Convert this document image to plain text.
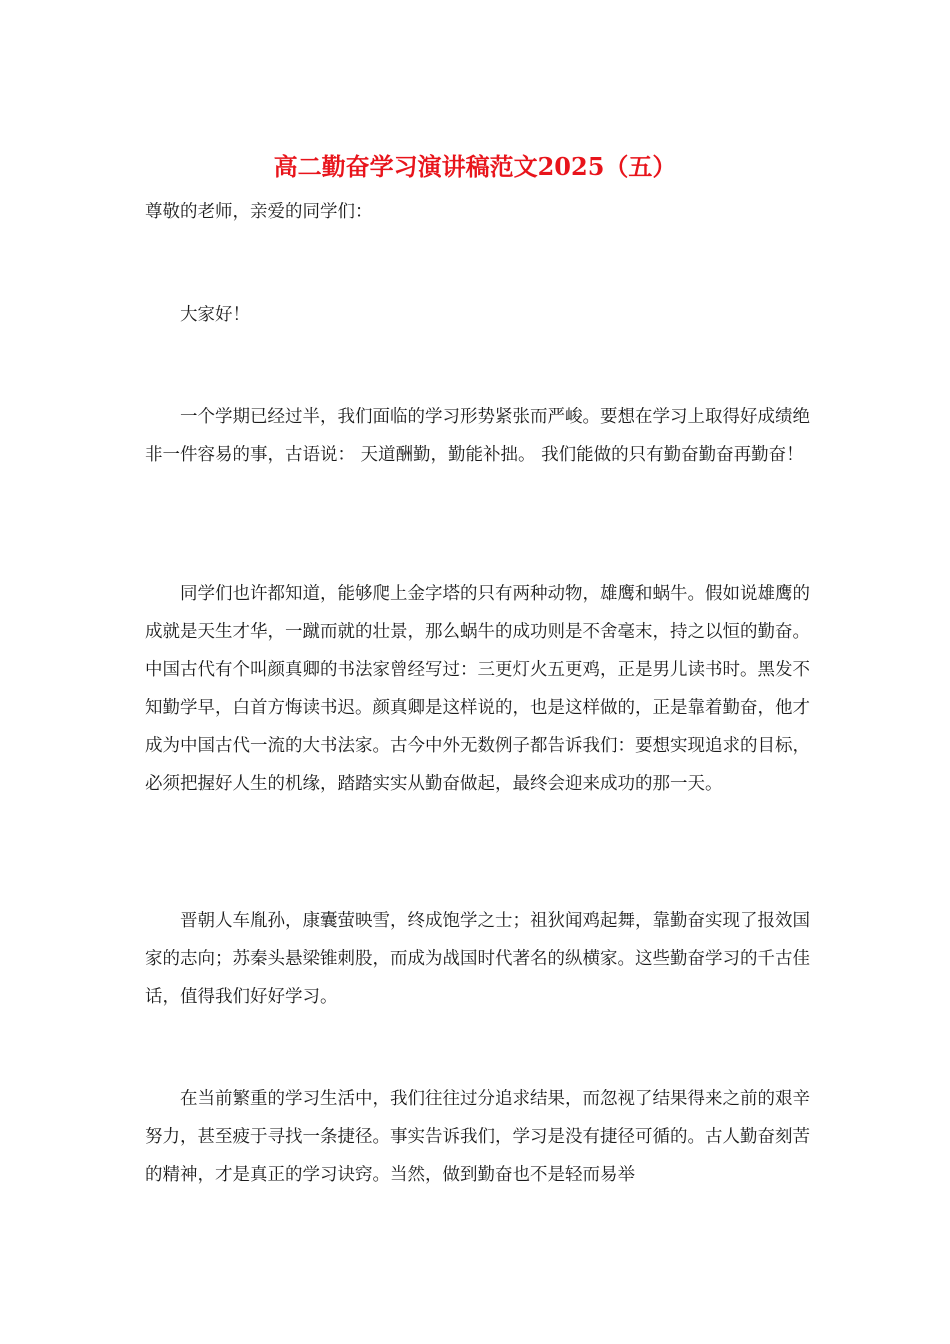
高二勤奋学习演讲稿范文2025（五）

尊敬的老师，亲爱的同学们：

大家好！

一个学期已经过半，我们面临的学习形势紧张而严峻。要想在学习上取得好成绩绝非一件容易的事，古语说： 天道酬勤，勤能补拙。 我们能做的只有勤奋勤奋再勤奋！

同学们也许都知道，能够爬上金字塔的只有两种动物，雄鹰和蜗牛。假如说雄鹰的成就是天生才华，一蹴而就的壮景，那么蜗牛的成功则是不舍毫末，持之以恒的勤奋。中国古代有个叫颜真卿的书法家曾经写过：三更灯火五更鸡，正是男儿读书时。黑发不知勤学早，白首方悔读书迟。颜真卿是这样说的，也是这样做的，正是靠着勤奋，他才成为中国古代一流的大书法家。古今中外无数例子都告诉我们：要想实现追求的目标，必须把握好人生的机缘，踏踏实实从勤奋做起，最终会迎来成功的那一天。

晋朝人车胤孙，康囊萤映雪，终成饱学之士；祖狄闻鸡起舞，靠勤奋实现了报效国家的志向；苏秦头悬梁锥刺股，而成为战国时代著名的纵横家。这些勤奋学习的千古佳话，值得我们好好学习。

在当前繁重的学习生活中，我们往往过分追求结果，而忽视了结果得来之前的艰辛努力，甚至疲于寻找一条捷径。事实告诉我们，学习是没有捷径可循的。古人勤奋刻苦的精神，才是真正的学习诀窍。当然，做到勤奋也不是轻而易举
